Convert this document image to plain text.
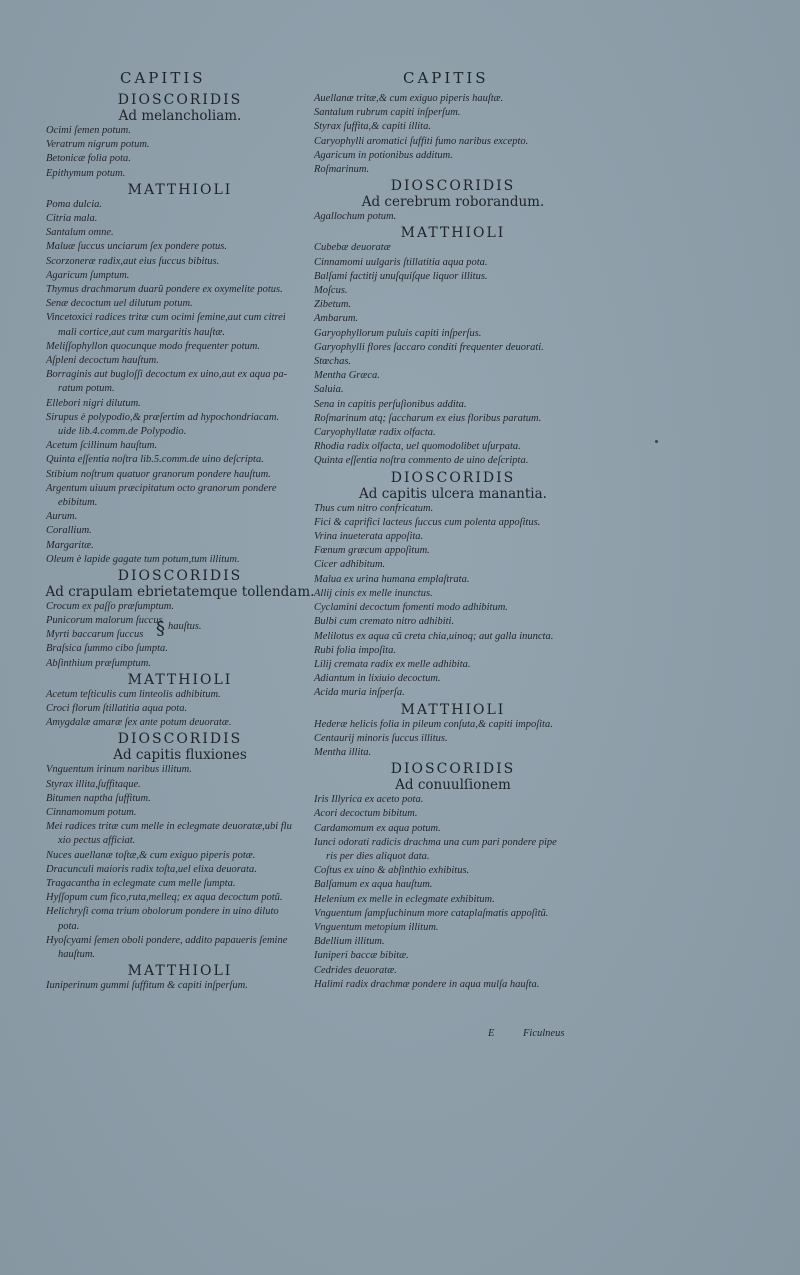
CAPITIS
DIOSCORIDIS
Ad melancholiam.
Ocimi ſemen potum.
Veratrum nigrum potum.
Betonicæ folia pota.
Epithymum potum.
MATTHIOLI
Poma dulcia.
Citria mala.
Santalum omne.
Maluæ ſuccus unciarum ſex pondere potus.
Scorzoneræ radix,aut eius ſuccus bibitus.
Agaricum ſumptum.
Thymus drachmarum duarũ pondere ex oxymelite potus.
Senæ decoctum uel dilutum potum.
Vincetoxici radices tritæ cum ocimi ſemine,aut cum citrei
mali cortice,aut cum margaritis hauſtæ.
Meliſſophyllon quocunque modo frequenter potum.
Aſpleni decoctum hauſtum.
Borraginis aut bugloſſi decoctum ex uino,aut ex aqua pa-
ratum potum.
Ellebori nigri dilutum.
Sirupus è polypodio,& præſertim ad hypochondriacam.
uide lib.4.comm.de Polypodio.
Acetum ſcillinum hauſtum.
Quinta eſſentia noſtra lib.5.comm.de uino deſcripta.
Stibium noſtrum quatuor granorum pondere hauſtum.
Argentum uiuum præcipitatum octo granorum pondere
ebibitum.
Aurum.
Corallium.
Margaritæ.
Oleum è lapide gagate tum potum,tum illitum.
DIOSCORIDIS
Ad crapulam ebrietatemque tollendam.
Crocum ex paſſo præſumptum.
Punicorum malorum ſuccus
Myrti baccarum ſuccus § hauſtus.
Braſsica ſummo cibo ſumpta.
Abſinthium præſumptum.
MATTHIOLI
Acetum teſticulis cum linteolis adhibitum.
Croci florum ſtillatitia aqua pota.
Amygdalæ amaræ ſex ante potum deuoratæ.
DIOSCORIDIS
Ad capitis fluxiones
Vnguentum irinum naribus illitum.
Styrax illita,ſuffitaque.
Bitumen naptha ſuffitum.
Cinnamomum potum.
Mei radices tritæ cum melle in eclegmate deuoratæ,ubi flu
xio pectus afficiat.
Nuces auellanæ toſtæ,& cum exiguo piperis potæ.
Dracunculi maioris radix toſta,uel elixa deuorata.
Tragacantha in eclegmate cum melle ſumpta.
Hyſſopum cum fico,ruta,melleq; ex aqua decoctum potũ.
Helichryſi coma trium obolorum pondere in uino diluto
pota.
Hyoſcyami ſemen oboli pondere, addito papaueris ſemine
hauſtum.
MATTHIOLI
Iuniperinum gummi ſuffitum & capiti inſperſum.
CAPITIS
Auellanæ tritæ,& cum exiguo piperis hauſtæ.
Santalum rubrum capiti inſperſum.
Styrax ſuffita,& capiti illita.
Caryophylli aromatici ſuffiti fumo naribus excepto.
Agaricum in potionibus additum.
Roſmarinum.
DIOSCORIDIS
Ad cerebrum roborandum.
Agallochum potum.
MATTHIOLI
Cubebæ deuoratæ
Cinnamomi uulgaris ſtillatitia aqua pota.
Balſami factitij unuſquiſque liquor illitus.
Moſcus.
Zibetum.
Ambarum.
Garyophyllorum puluis capiti inſperſus.
Garyophylli flores ſaccaro conditi frequenter deuorati.
Stœchas.
Mentha Græca.
Saluia.
Sena in capitis perſuſionibus addita.
Roſmarinum atq; ſaccharum ex eius floribus paratum.
Caryophyllatæ radix olfacta.
Rhodia radix olfacta, uel quomodolibet uſurpata.
Quinta eſſentia noſtra commento de uino deſcripta.
DIOSCORIDIS
Ad capitis ulcera manantia.
Thus cum nitro confricatum.
Fici & caprifici lacteus ſuccus cum polenta appoſitus.
Vrina inueterata appoſita.
Fœnum græcum appoſitum.
Cicer adhibitum.
Malua ex urina humana emplaſtrata.
Allij cinis ex melle inunctus.
Cyclamini decoctum fomenti modo adhibitum.
Bulbi cum cremato nitro adhibiti.
Melilotus ex aqua cũ creta chia,uinoq; aut galla inuncta.
Rubi folia impoſita.
Lilij cremata radix ex melle adhibita.
Adiantum in lixiuio decoctum.
Acida muria inſperſa.
MATTHIOLI
Hederæ helicis folia in pileum conſuta,& capiti impoſita.
Centaurij minoris ſuccus illitus.
Mentha illita.
DIOSCORIDIS
Ad conuulſionem
Iris Illyrica ex aceto pota.
Acori decoctum bibitum.
Cardamomum ex aqua potum.
Iunci odorati radicis drachma una cum pari pondere pipe
ris per dies aliquot data.
Coſtus ex uino & abſinthio exhibitus.
Balſamum ex aqua hauſtum.
Helenium ex melle in eclegmate exhibitum.
Vnguentum ſampſuchinum more cataplaſmatis appoſitũ.
Vnguentum metopium illitum.
Bdellium illitum.
Iuniperi baccæ bibitæ.
Cedrides deuoratæ.
Halimi radix drachmæ pondere in aqua mulſa hauſta.
E	Ficulneus
